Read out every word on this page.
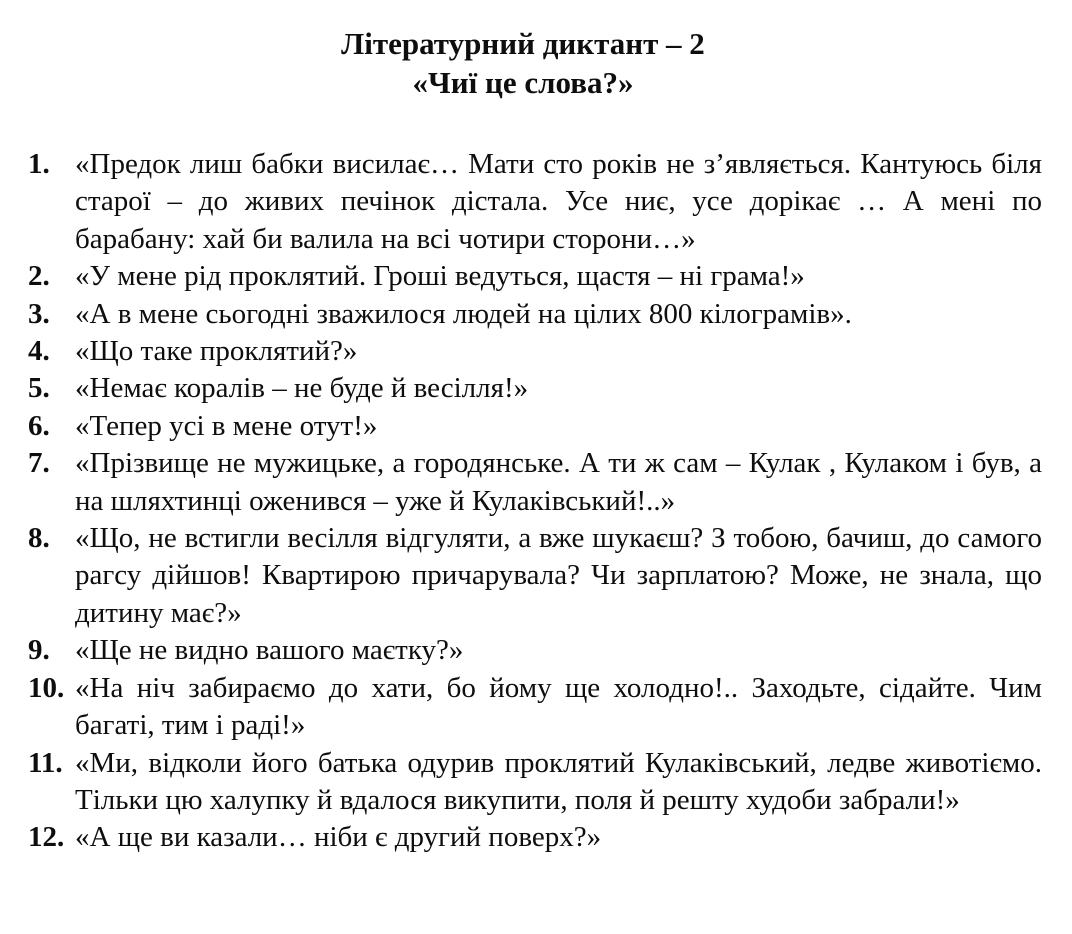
Літературний диктант – 2
«Чиї це слова?»
1. «Предок лиш бабки висилає… Мати сто років не з’являється. Кантуюсь біля старої – до живих печінок дістала. Усе ниє, усе дорікає … А мені по барабану: хай би валила на всі чотири сторони…»
2. «У мене рід проклятий. Гроші ведуться, щастя – ні грама!»
3. «А в мене сьогодні зважилося людей на цілих 800 кілограмів».
4. «Що таке проклятий?»
5. «Немає коралів – не буде й весілля!»
6. «Тепер усі в мене отут!»
7. «Прізвище не мужицьке, а городянське. А ти ж сам – Кулак , Кулаком і був, а на шляхтинці оженився – уже й Кулаківський!..»
8. «Що, не встигли весілля відгуляти, а вже шукаєш? З тобою, бачиш, до самого рагсу дійшов! Квартирою причарувала? Чи зарплатою? Може, не знала, що дитину має?»
9. «Ще не видно вашого маєтку?»
10. «На ніч забираємо до хати, бо йому ще холодно!.. Заходьте, сідайте. Чим багаті, тим і раді!»
11. «Ми, відколи його батька одурив проклятий Кулаківський, ледве животіємо. Тільки цю халупку й вдалося викупити, поля й решту худоби забрали!»
12. «А ще ви казали… ніби є другий поверх?»
